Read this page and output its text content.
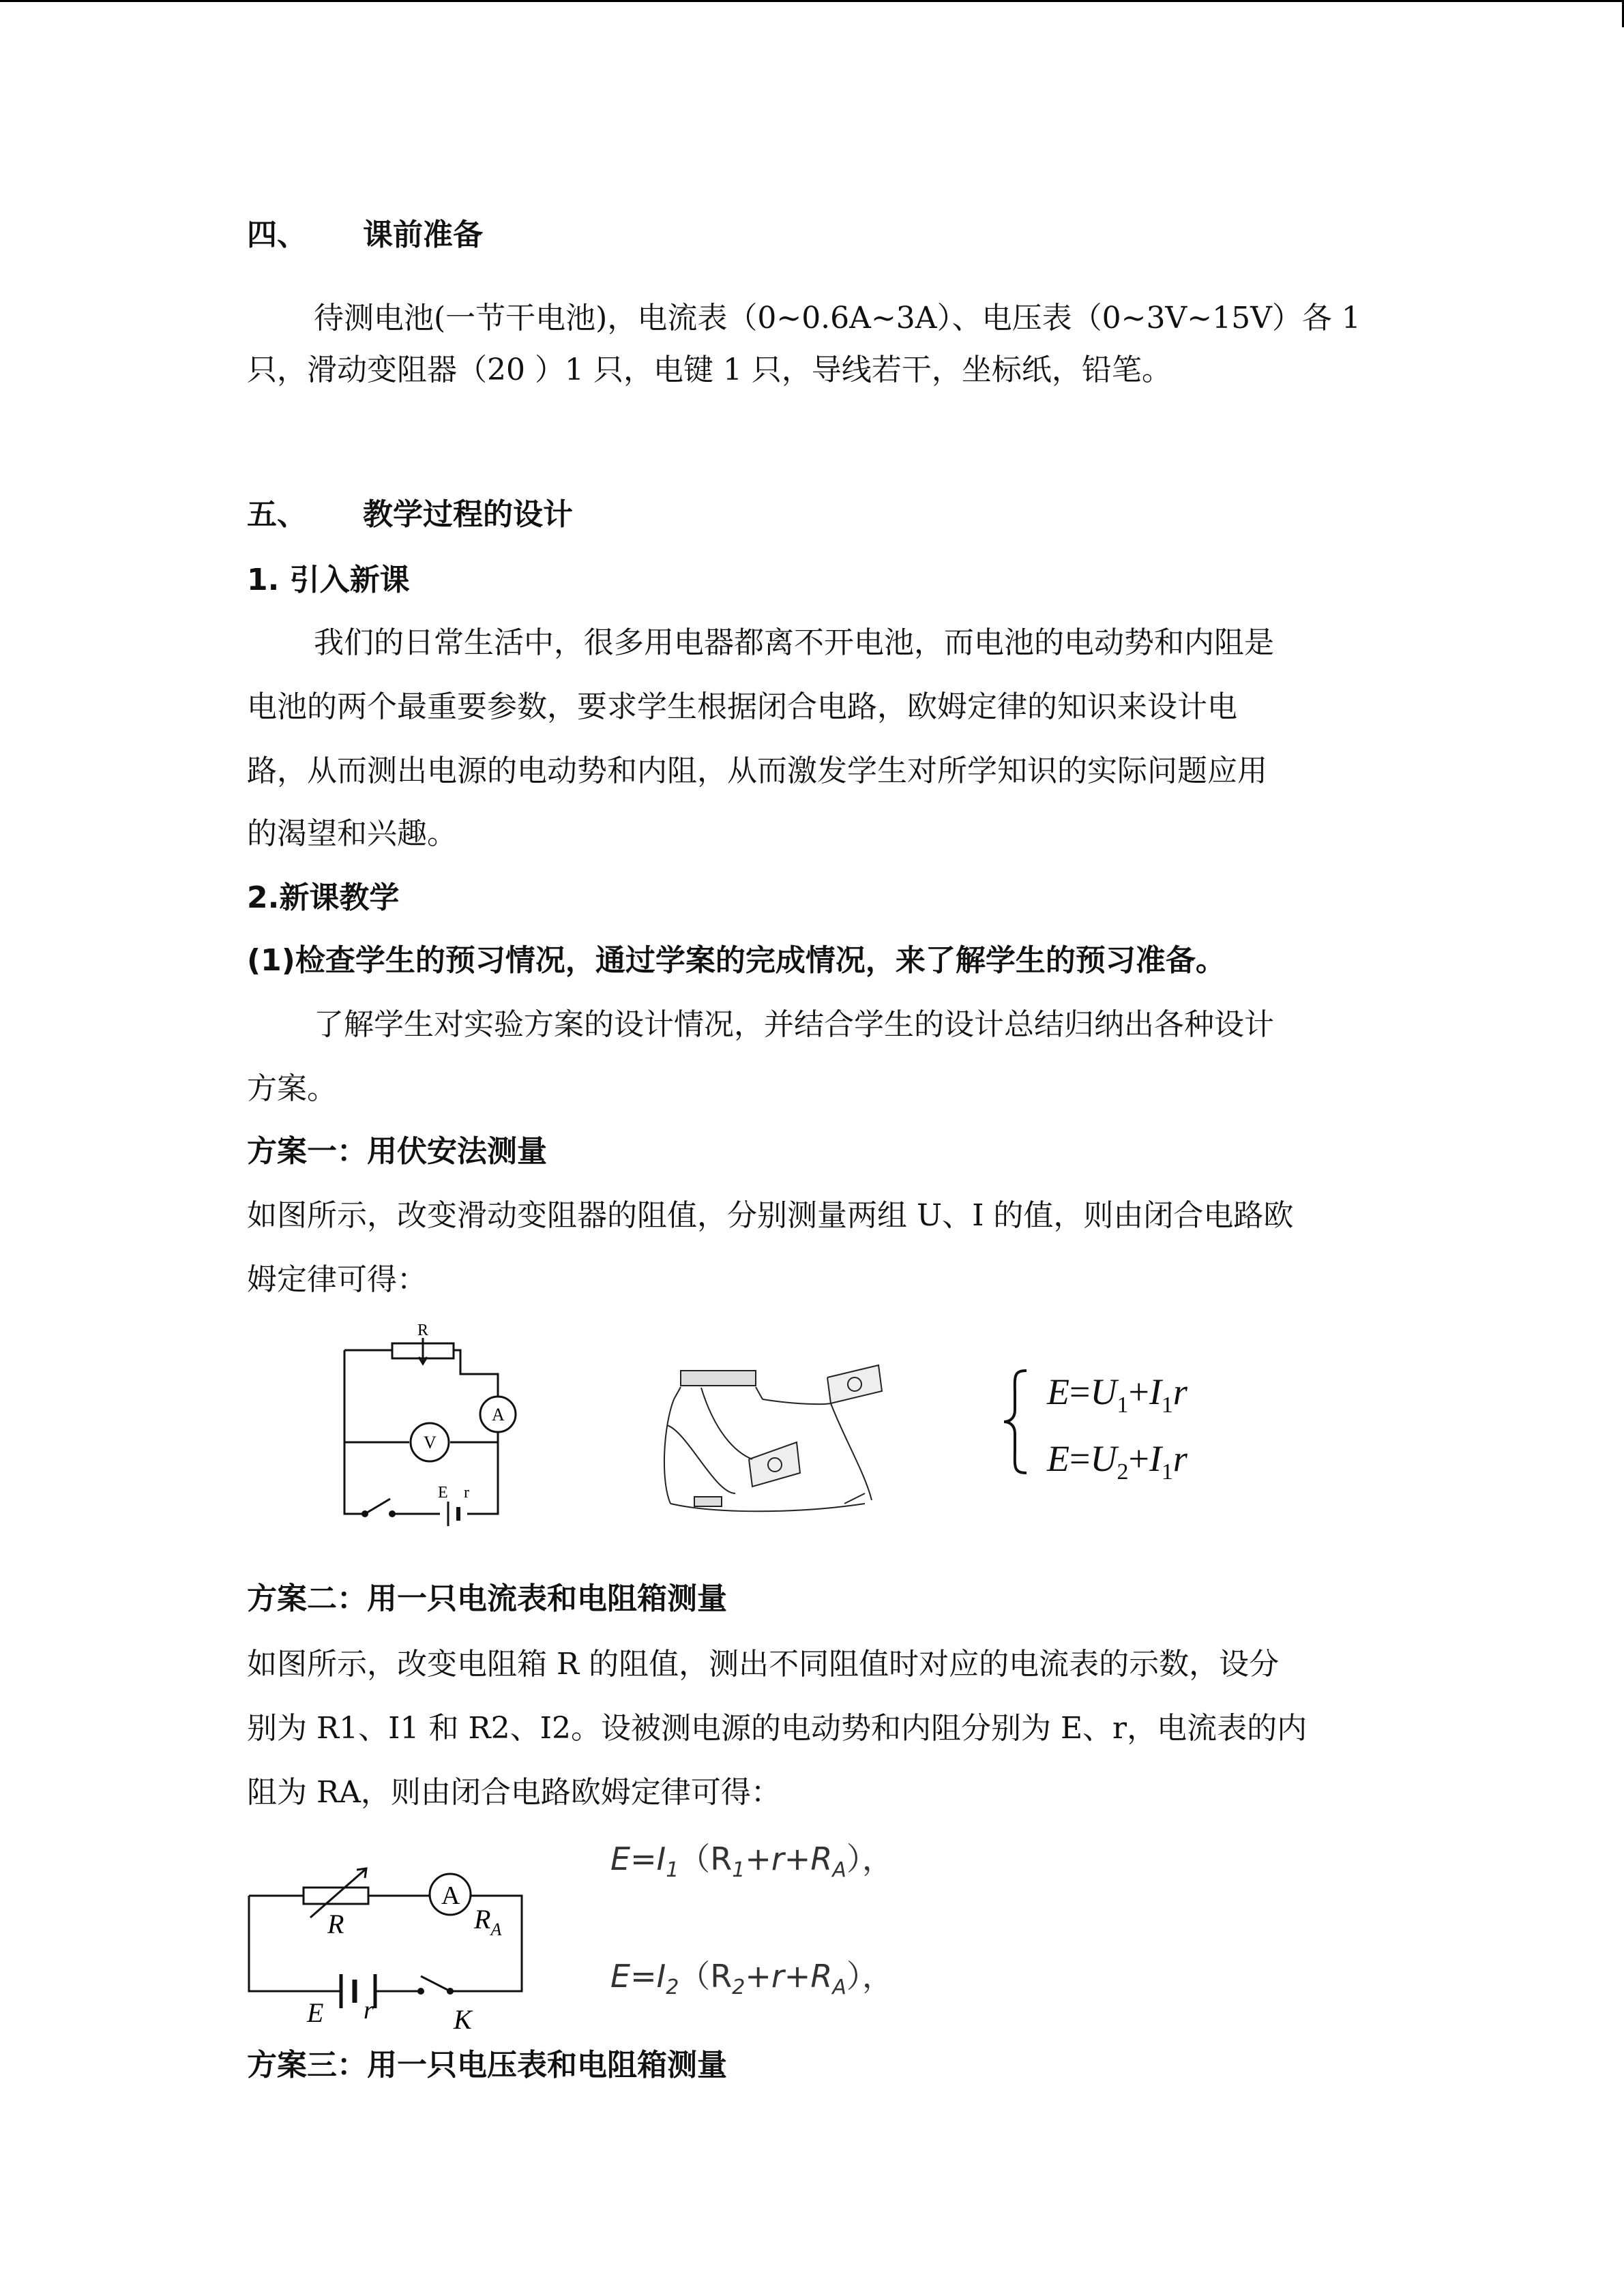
四、 课前准备
待测电池(一节干电池)，电流表（0~0.6A~3A）、电压表（0~3V~15V）各 1
只，滑动变阻器（20 ）1 只，电键 1 只，导线若干，坐标纸，铅笔。
五、 教学过程的设计
1. 引入新课
我们的日常生活中，很多用电器都离不开电池，而电池的电动势和内阻是
电池的两个最重要参数，要求学生根据闭合电路，欧姆定律的知识来设计电
路，从而测出电源的电动势和内阻，从而激发学生对所学知识的实际问题应用
的渴望和兴趣。
2.新课教学
(1)检查学生的预习情况，通过学案的完成情况，来了解学生的预习准备。
了解学生对实验方案的设计情况，并结合学生的设计总结归纳出各种设计
方案。
方案一：用伏安法测量
如图所示，改变滑动变阻器的阻值，分别测量两组 U、I 的值，则由闭合电路欧
姆定律可得：
R
A
V
E r
$E=U_1+I_1r$
$E=U_2+I_1r$
方案二：用一只电流表和电阻箱测量
如图所示，改变电阻箱 R 的阻值，测出不同阻值时对应的电流表的示数，设分
别为 R1、I1 和 R2、I2。设被测电源的电动势和内阻分别为 E、r，电流表的内
阻为 RA，则由闭合电路欧姆定律可得：
R
A
$R_A$
E r	K
$E=I_1(R_1+r+R_A)$，
$E=I_2(R_2+r+R_A)$，
方案三：用一只电压表和电阻箱测量
